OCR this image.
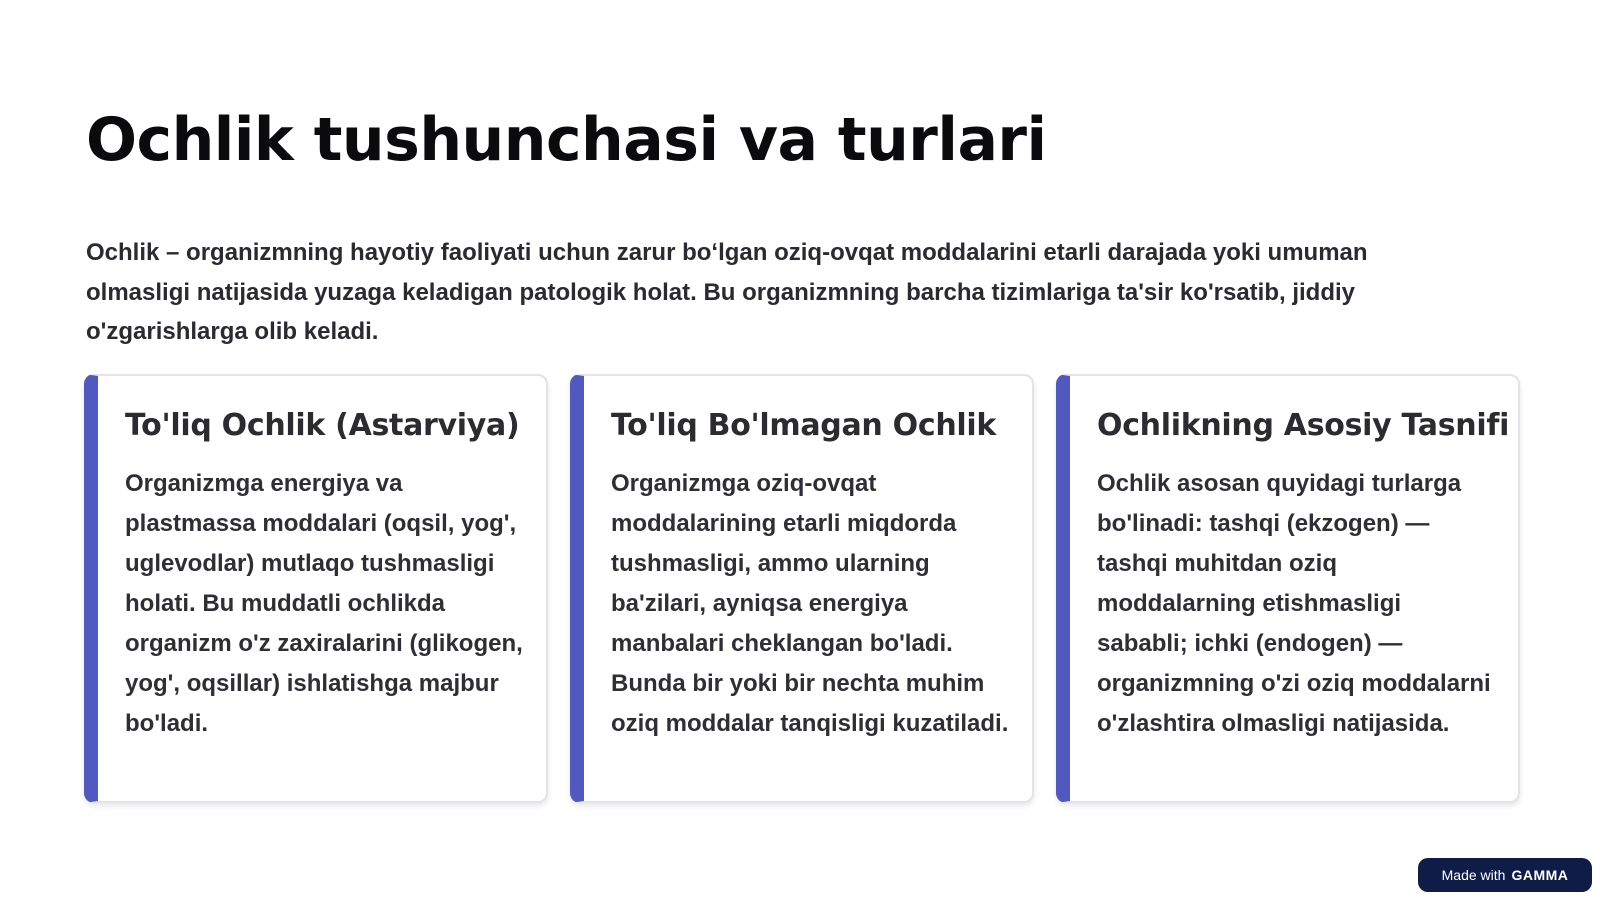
Ochlik tushunchasi va turlari

Ochlik – organizmning hayotiy faoliyati uchun zarur boʻlgan oziq-ovqat moddalarini etarli darajada yoki umuman olmasligi natijasida yuzaga keladigan patologik holat. Bu organizmning barcha tizimlariga ta'sir ko'rsatib, jiddiy o'zgarishlarga olib keladi.

To'liq Ochlik (Astarviya)

Organizmga energiya va plastmassa moddalari (oqsil, yog', uglevodlar) mutlaqo tushmasligi holati. Bu muddatli ochlikda organizm o'z zaxiralarini (glikogen, yog', oqsillar) ishlatishga majbur bo'ladi.

To'liq Bo'lmagan Ochlik

Organizmga oziq-ovqat moddalarining etarli miqdorda tushmasligi, ammo ularning ba'zilari, ayniqsa energiya manbalari cheklangan bo'ladi. Bunda bir yoki bir nechta muhim oziq moddalar tanqisligi kuzatiladi.

Ochlikning Asosiy Tasnifi

Ochlik asosan quyidagi turlarga bo'linadi: tashqi (ekzogen) — tashqi muhitdan oziq moddalarning etishmasligi sababli; ichki (endogen) — organizmning o'zi oziq moddalarni o'zlashtira olmasligi natijasida.

Made with GAMMA
